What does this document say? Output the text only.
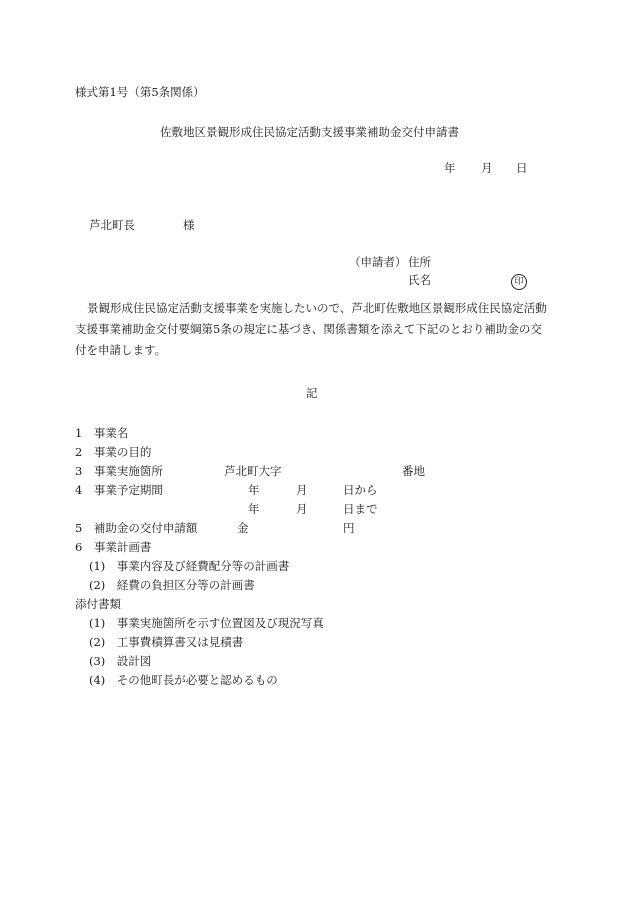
様式第1号（第5条関係）
佐敷地区景観形成住民協定活動支援事業補助金交付申請書
年 月 日
芦北町長	様
（申請者） 住所
氏名	印
景観形成住民協定活動支援事業を実施したいので、芦北町佐敷地区景観形成住民協定活動支援事業補助金交付要綱第5条の規定に基づき、関係書類を添えて下記のとおり補助金の交付を申請します。
記
1　事業名
2　事業の目的
3　事業実施箇所	芦北町大字	番地
4　事業予定期間	年	月	日から
年	月	日まで
5　補助金の交付申請額	金	円
6　事業計画書
(1)　事業内容及び経費配分等の計画書
(2)　経費の負担区分等の計画書
添付書類
(1)　事業実施箇所を示す位置図及び現況写真
(2)　工事費積算書又は見積書
(3)　設計図
(4)　その他町長が必要と認めるもの
